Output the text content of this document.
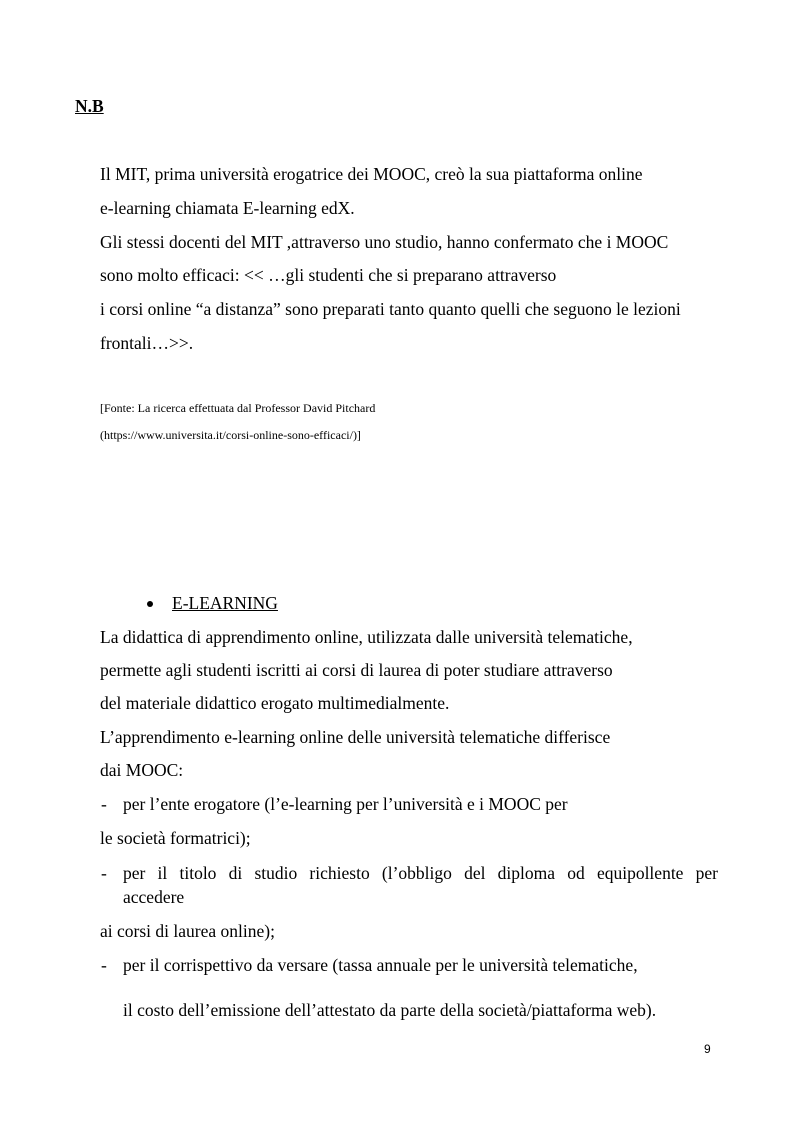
N.B
Il MIT, prima università erogatrice dei MOOC, creò la sua piattaforma online
e-learning chiamata E-learning edX.
Gli stessi docenti del MIT ,attraverso uno studio, hanno confermato che i MOOC
sono molto efficaci: << …gli studenti che si preparano attraverso
i corsi online “a distanza” sono preparati tanto quanto quelli che seguono le lezioni
frontali…>>.
[Fonte: La ricerca effettuata dal Professor David Pitchard
(https://www.universita.it/corsi-online-sono-efficaci/)]
E-LEARNING
La didattica di apprendimento online, utilizzata dalle università telematiche,
permette agli studenti iscritti ai corsi di laurea di poter studiare attraverso
del materiale didattico erogato multimedialmente.
L’apprendimento e-learning online delle università telematiche differisce
dai MOOC:
- per l’ente erogatore (l’e-learning per l’università e i MOOC per
le società formatrici);
- per il titolo di studio richiesto (l’obbligo del diploma od equipollente per
accedere
ai corsi di laurea online);
- per il corrispettivo da versare (tassa annuale per le università telematiche,
il costo dell’emissione dell’attestato da parte della società/piattaforma web).
9
